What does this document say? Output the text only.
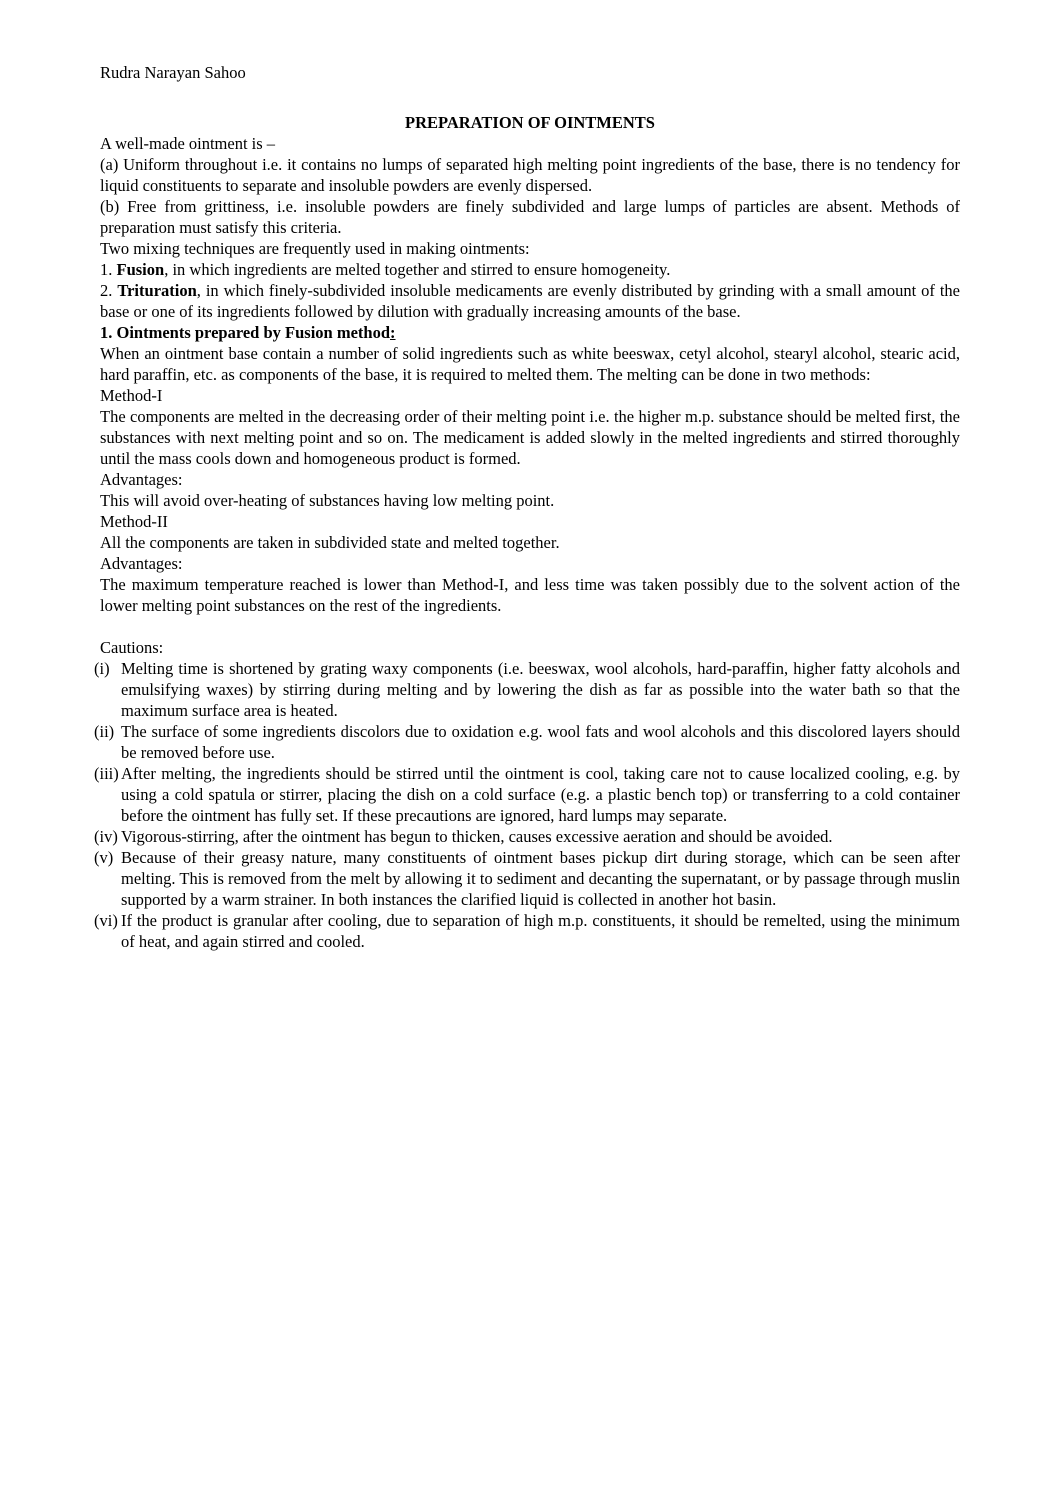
Rudra Narayan Sahoo
PREPARATION OF OINTMENTS

A well-made ointment is –

(a) Uniform throughout i.e. it contains no lumps of separated high melting point ingredients of the base, there is no tendency for liquid constituents to separate and insoluble powders are evenly dispersed.

(b) Free from grittiness, i.e. insoluble powders are finely subdivided and large lumps of particles are absent. Methods of preparation must satisfy this criteria.

Two mixing techniques are frequently used in making ointments:

1. Fusion, in which ingredients are melted together and stirred to ensure homogeneity.

2. Trituration, in which finely-subdivided insoluble medicaments are evenly distributed by grinding with a small amount of the base or one of its ingredients followed by dilution with gradually increasing amounts of the base.

1. Ointments prepared by Fusion method:

When an ointment base contain a number of solid ingredients such as white beeswax, cetyl alcohol, stearyl alcohol, stearic acid, hard paraffin, etc. as components of the base, it is required to melted them. The melting can be done in two methods:

Method-I

The components are melted in the decreasing order of their melting point i.e. the higher m.p. substance should be melted first, the substances with next melting point and so on. The medicament is added slowly in the melted ingredients and stirred thoroughly until the mass cools down and homogeneous product is formed.

Advantages:

This will avoid over-heating of substances having low melting point.

Method-II

All the components are taken in subdivided state and melted together.

Advantages:

The maximum temperature reached is lower than Method-I, and less time was taken possibly due to the solvent action of the lower melting point substances on the rest of the ingredients.

Cautions:

(i) Melting time is shortened by grating waxy components (i.e. beeswax, wool alcohols, hard-paraffin, higher fatty alcohols and emulsifying waxes) by stirring during melting and by lowering the dish as far as possible into the water bath so that the maximum surface area is heated.
(ii) The surface of some ingredients discolors due to oxidation e.g. wool fats and wool alcohols and this discolored layers should be removed before use.
(iii) After melting, the ingredients should be stirred until the ointment is cool, taking care not to cause localized cooling, e.g. by using a cold spatula or stirrer, placing the dish on a cold surface (e.g. a plastic bench top) or transferring to a cold container before the ointment has fully set. If these precautions are ignored, hard lumps may separate.
(iv) Vigorous-stirring, after the ointment has begun to thicken, causes excessive aeration and should be avoided.
(v) Because of their greasy nature, many constituents of ointment bases pickup dirt during storage, which can be seen after melting. This is removed from the melt by allowing it to sediment and decanting the supernatant, or by passage through muslin supported by a warm strainer. In both instances the clarified liquid is collected in another hot basin.
(vi) If the product is granular after cooling, due to separation of high m.p. constituents, it should be remelted, using the minimum of heat, and again stirred and cooled.
